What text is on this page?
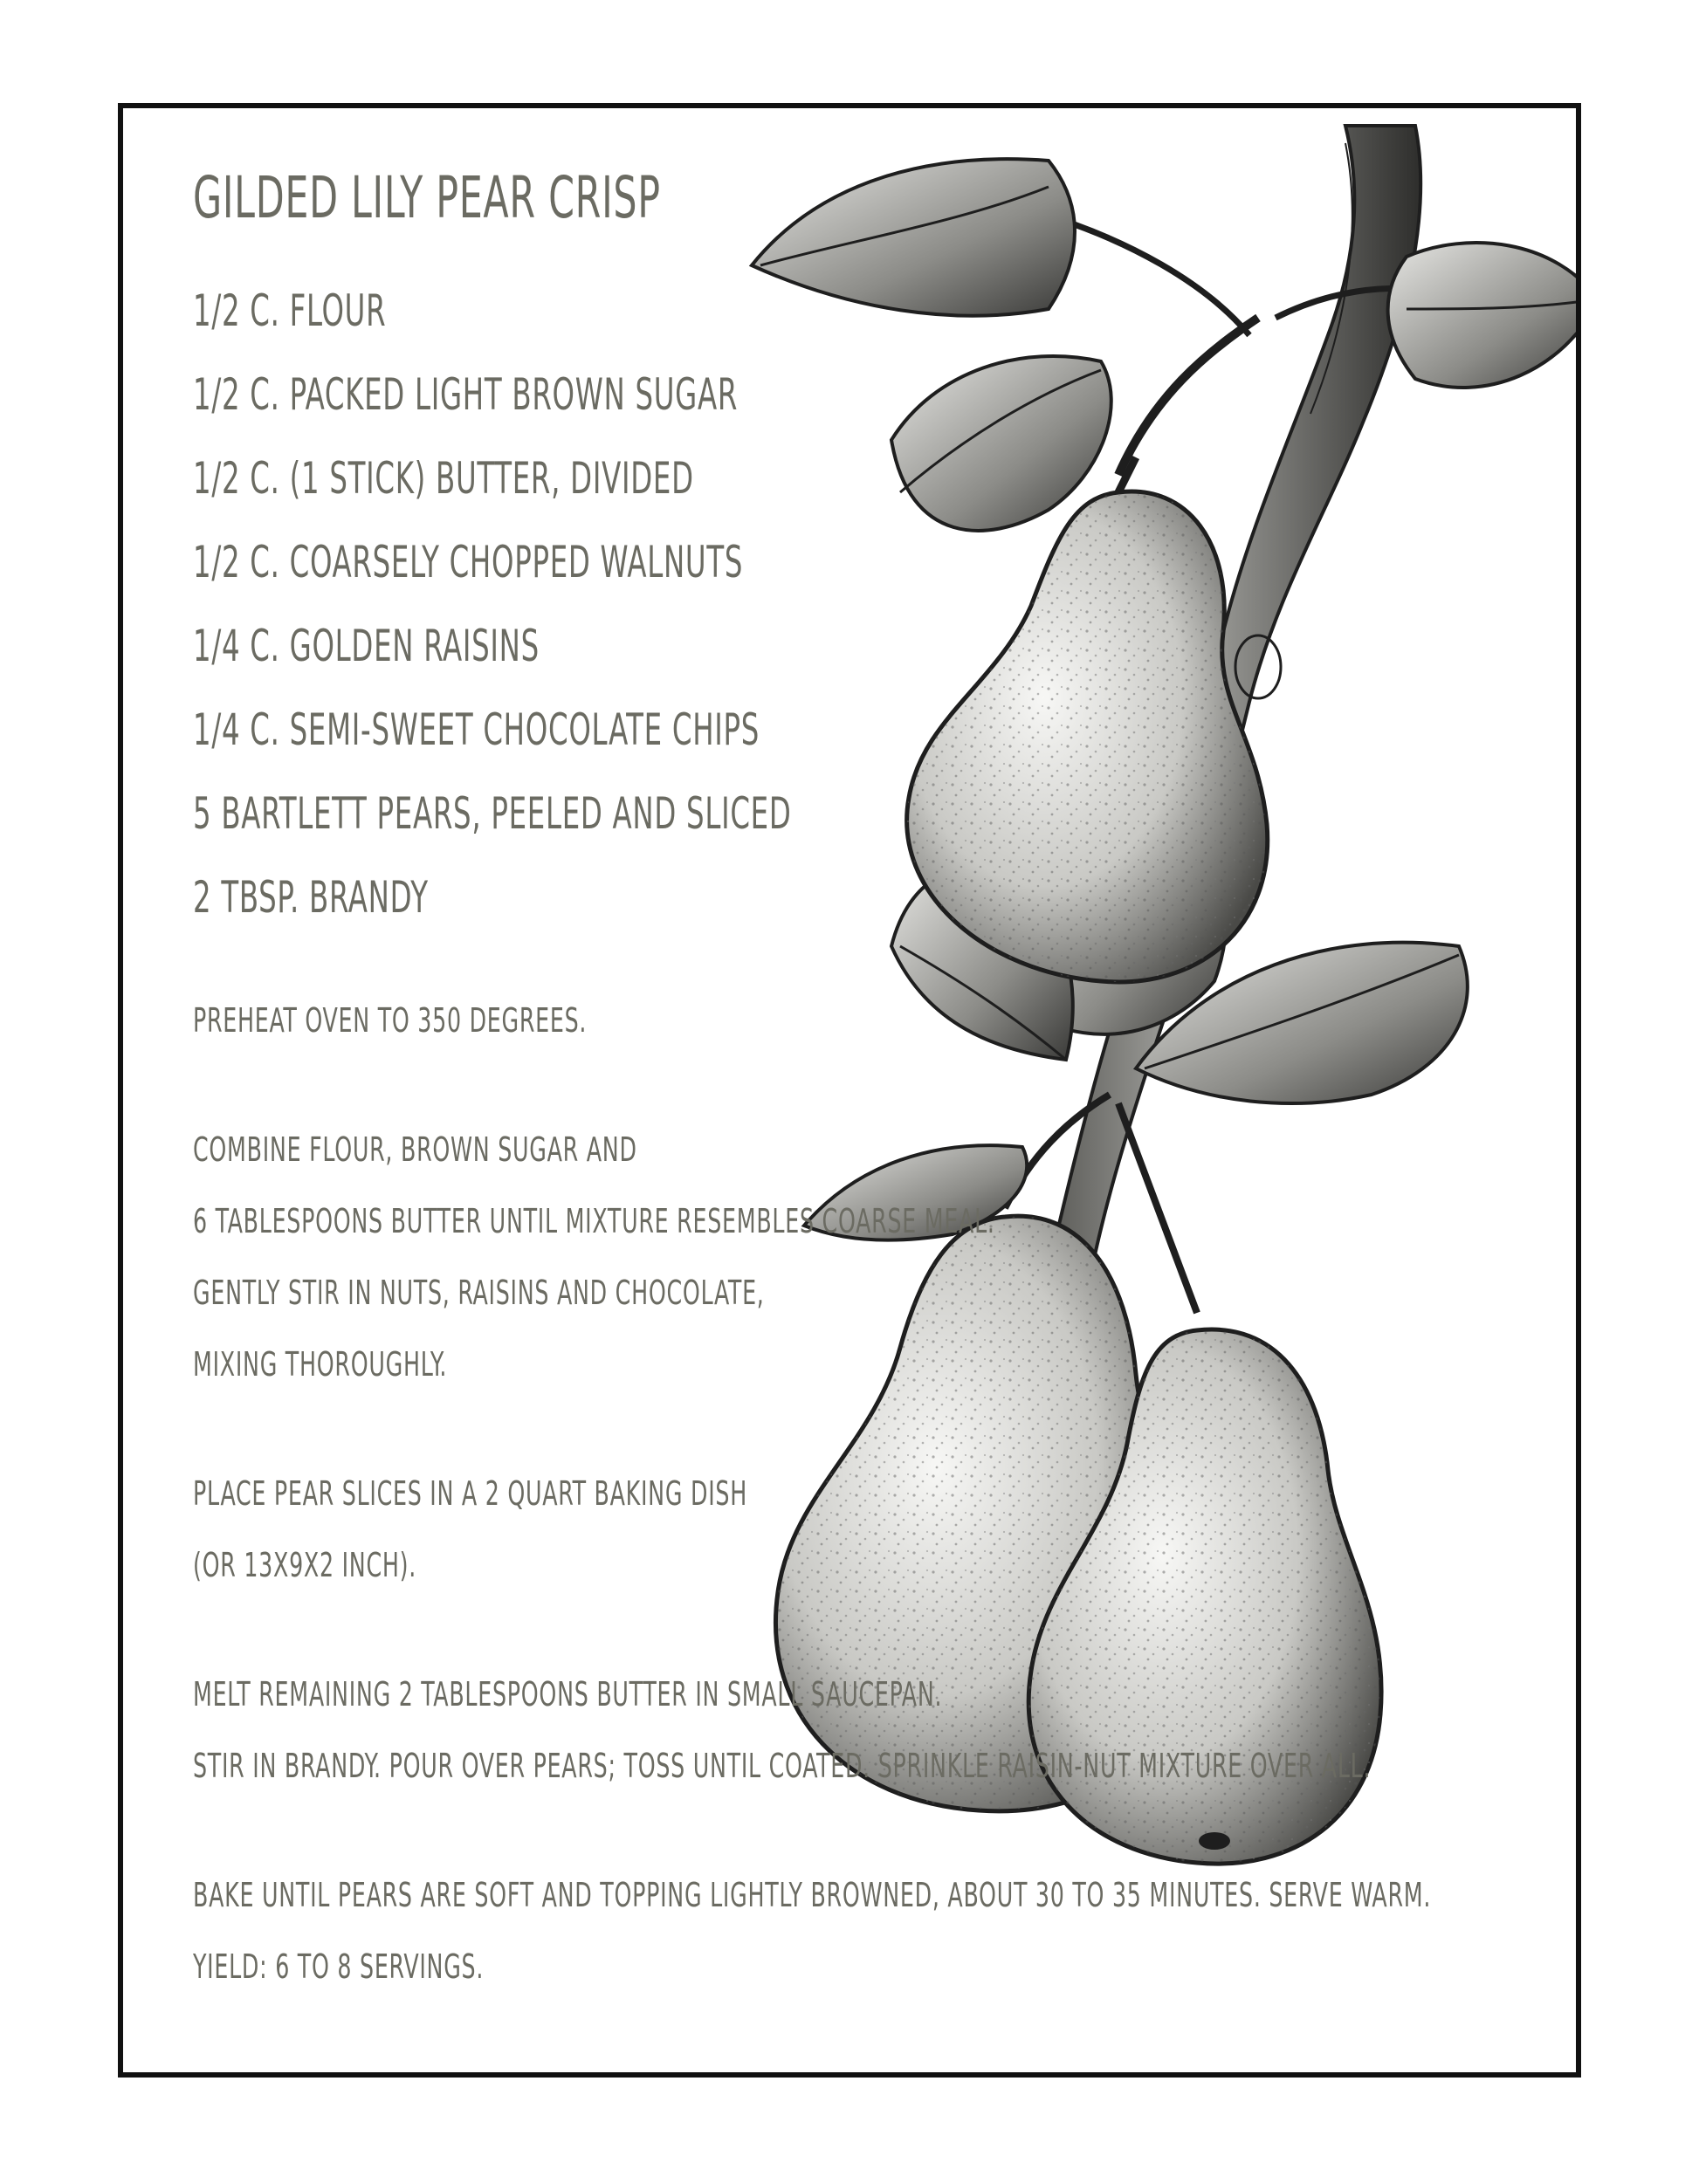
GILDED LILY PEAR CRISP
1/2 C. FLOUR
1/2 C. PACKED LIGHT BROWN SUGAR
1/2 C. (1 STICK) BUTTER, DIVIDED
1/2 C. COARSELY CHOPPED WALNUTS
1/4 C. GOLDEN RAISINS
1/4 C. SEMI-SWEET CHOCOLATE CHIPS
5 BARTLETT PEARS, PEELED AND SLICED
2 TBSP. BRANDY
PREHEAT OVEN TO 350 DEGREES.
COMBINE FLOUR, BROWN SUGAR AND
6 TABLESPOONS BUTTER UNTIL MIXTURE RESEMBLES COARSE MEAL.
GENTLY STIR IN NUTS, RAISINS AND CHOCOLATE,
MIXING THOROUGHLY.
PLACE PEAR SLICES IN A 2 QUART BAKING DISH
(OR 13X9X2 INCH).
MELT REMAINING 2 TABLESPOONS BUTTER IN SMALL SAUCEPAN.
STIR IN BRANDY. POUR OVER PEARS; TOSS UNTIL COATED. SPRINKLE RAISIN-NUT MIXTURE OVER ALL.
BAKE UNTIL PEARS ARE SOFT AND TOPPING LIGHTLY BROWNED, ABOUT 30 TO 35 MINUTES. SERVE WARM.
YIELD: 6 TO 8 SERVINGS.
